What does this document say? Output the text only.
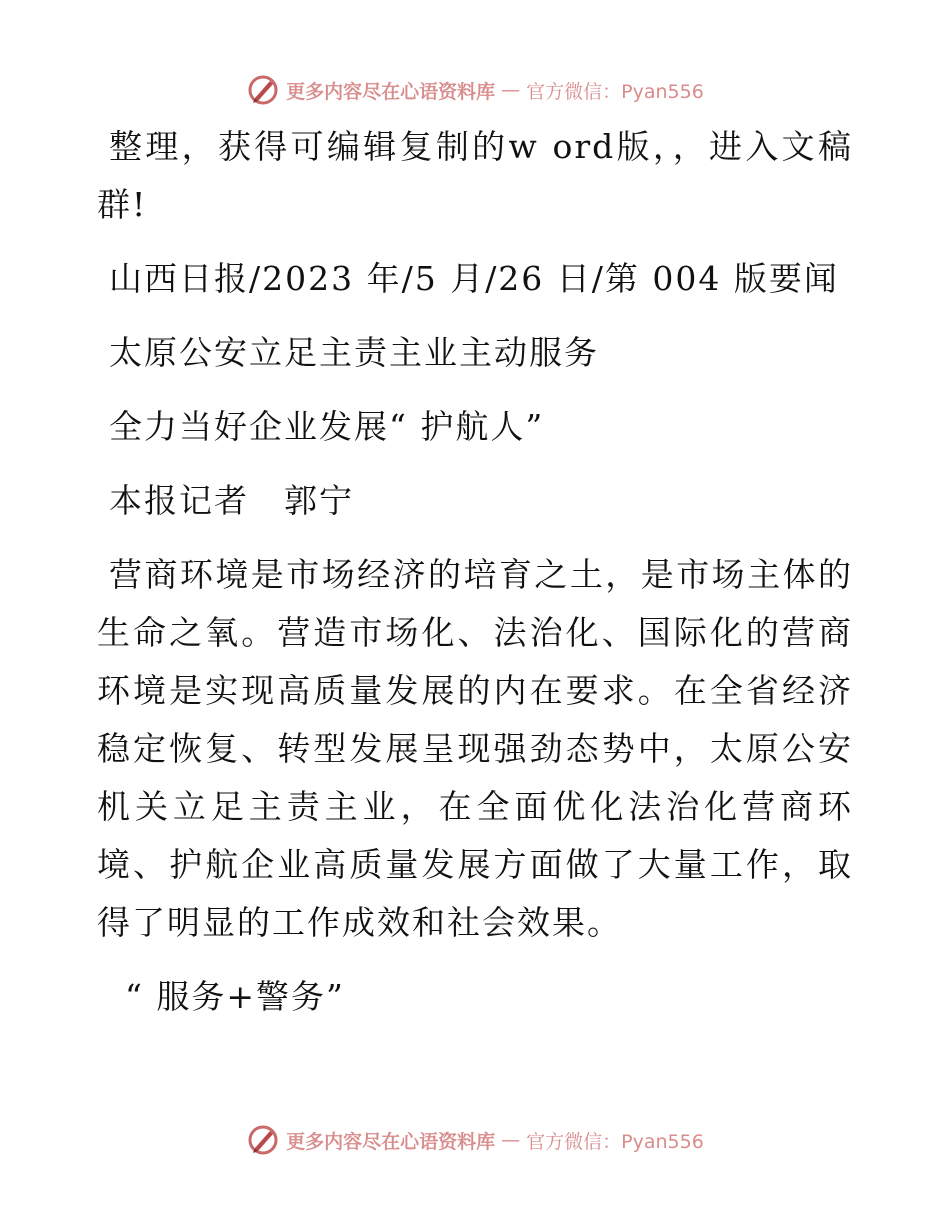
更多内容尽在心语资料库 — 官方微信：Pyan556

整理，获得可编辑复制的w ord版，，进入文稿群!

山西日报/2023 年/5 月/26 日/第 004 版要闻

太原公安立足主责主业主动服务

全力当好企业发展“ 护航人”

本报记者　郭宁

营商环境是市场经济的培育之土，是市场主体的生命之氧。营造市场化、法治化、国际化的营商环境是实现高质量发展的内在要求。在全省经济稳定恢复、转型发展呈现强劲态势中，太原公安机关立足主责主业，在全面优化法治化营商环境、护航企业高质量发展方面做了大量工作，取得了明显的工作成效和社会效果。

“ 服务+警务”

更多内容尽在心语资料库 — 官方微信：Pyan556
